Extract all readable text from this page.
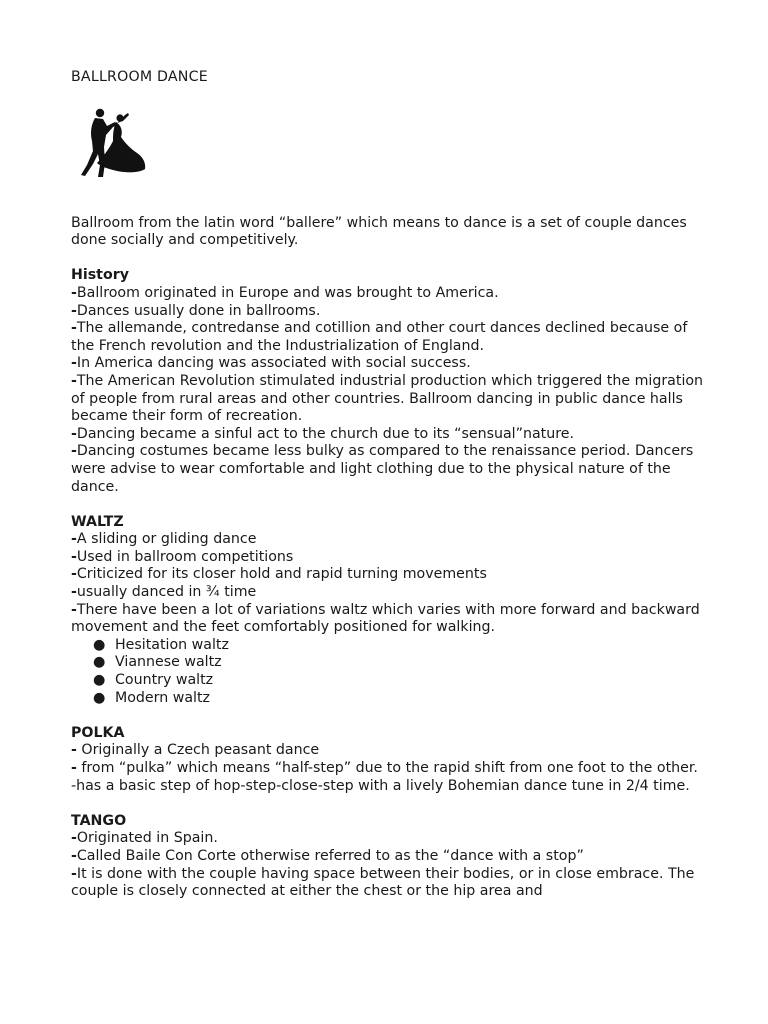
BALLROOM DANCE

Ballroom from the latin word “ballere” which means to dance is a set of couple dances done socially and competitively.

History

-Ballroom originated in Europe and was brought to America.

-Dances usually done in ballrooms.

-The allemande, contredanse and cotillion and other court dances declined because of the French revolution and the Industrialization of England.

-In America dancing was associated with social success.

-The American Revolution stimulated industrial production which triggered the migration of people from rural areas and other countries. Ballroom dancing in public dance halls became their form of recreation.

-Dancing became a sinful act to the church due to its “sensual”nature.

-Dancing costumes became less bulky as compared to the renaissance period. Dancers were advise to wear comfortable and light clothing due to the physical nature of the dance.

WALTZ

-A sliding or gliding dance

-Used in ballroom competitions

-Criticized for its closer hold and rapid turning movements

-usually danced in ¾ time

-There have been a lot of variations waltz which varies with more forward and backward movement and the feet comfortably positioned for walking.

● Hesitation waltz
● Viannese waltz
● Country waltz
● Modern waltz

POLKA

- Originally a Czech peasant dance

- from “pulka” which means “half-step” due to the rapid shift from one foot to the other.

-has a basic step of hop-step-close-step with a lively Bohemian dance tune in 2/4 time.

TANGO

-Originated in Spain.

-Called Baile Con Corte otherwise referred to as the “dance with a stop”

-It is done with the couple having space between their bodies, or in close embrace. The couple is closely connected at either the chest or the hip area and
